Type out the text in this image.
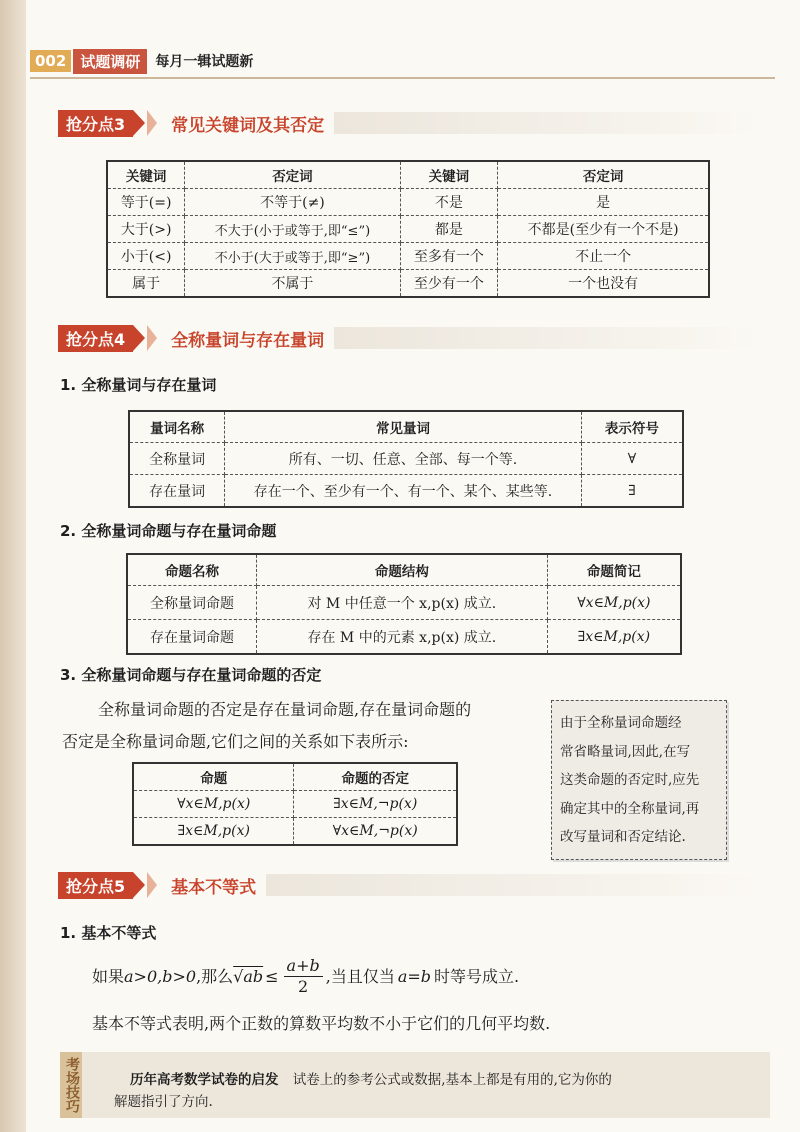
002 试题调研	每月一辑试题新
抢分点3	常见关键词及其否定
关键词	否定词	关键词	否定词
等于(=)	不等于(≠)	不是	是
大于(>)	不大于(小于或等于,即“≤”)	都是	不都是(至少有一个不是)
小于(<)	不小于(大于或等于,即“≥”)	至多有一个	不止一个
属于	不属于	至少有一个	一个也没有
抢分点4	全称量词与存在量词
1. 全称量词与存在量词
量词名称	常见量词	表示符号
全称量词	所有、一切、任意、全部、每一个等.	∀
存在量词	存在一个、至少有一个、有一个、某个、某些等.	∃
2. 全称量词命题与存在量词命题
命题名称	命题结构	命题简记
全称量词命题	对 M 中任意一个 x,p(x) 成立.	∀x∈M,p(x)
存在量词命题	存在 M 中的元素 x,p(x) 成立.	∃x∈M,p(x)
3. 全称量词命题与存在量词命题的否定
全称量词命题的否定是存在量词命题,存在量词命题的
否定是全称量词命题,它们之间的关系如下表所示:
命题	命题的否定
∀x∈M,p(x)	∃x∈M,¬p(x)
∃x∈M,p(x)	∀x∈M,¬p(x)
由于全称量词命题经
常省略量词,因此,在写
这类命题的否定时,应先
确定其中的全称量词,再
改写量词和否定结论.
抢分点5	基本不等式
1. 基本不等式
如果 a>0,b>0 ,那么 $√ab \le \frac{a+b}{2}$ ,当且仅当 a=b 时等号成立.
基本不等式表明,两个正数的算数平均数不小于它们的几何平均数.
考场技巧	历年高考数学试卷的启发 试卷上的参考公式或数据,基本上都是有用的,它为你的
解题指引了方向.
